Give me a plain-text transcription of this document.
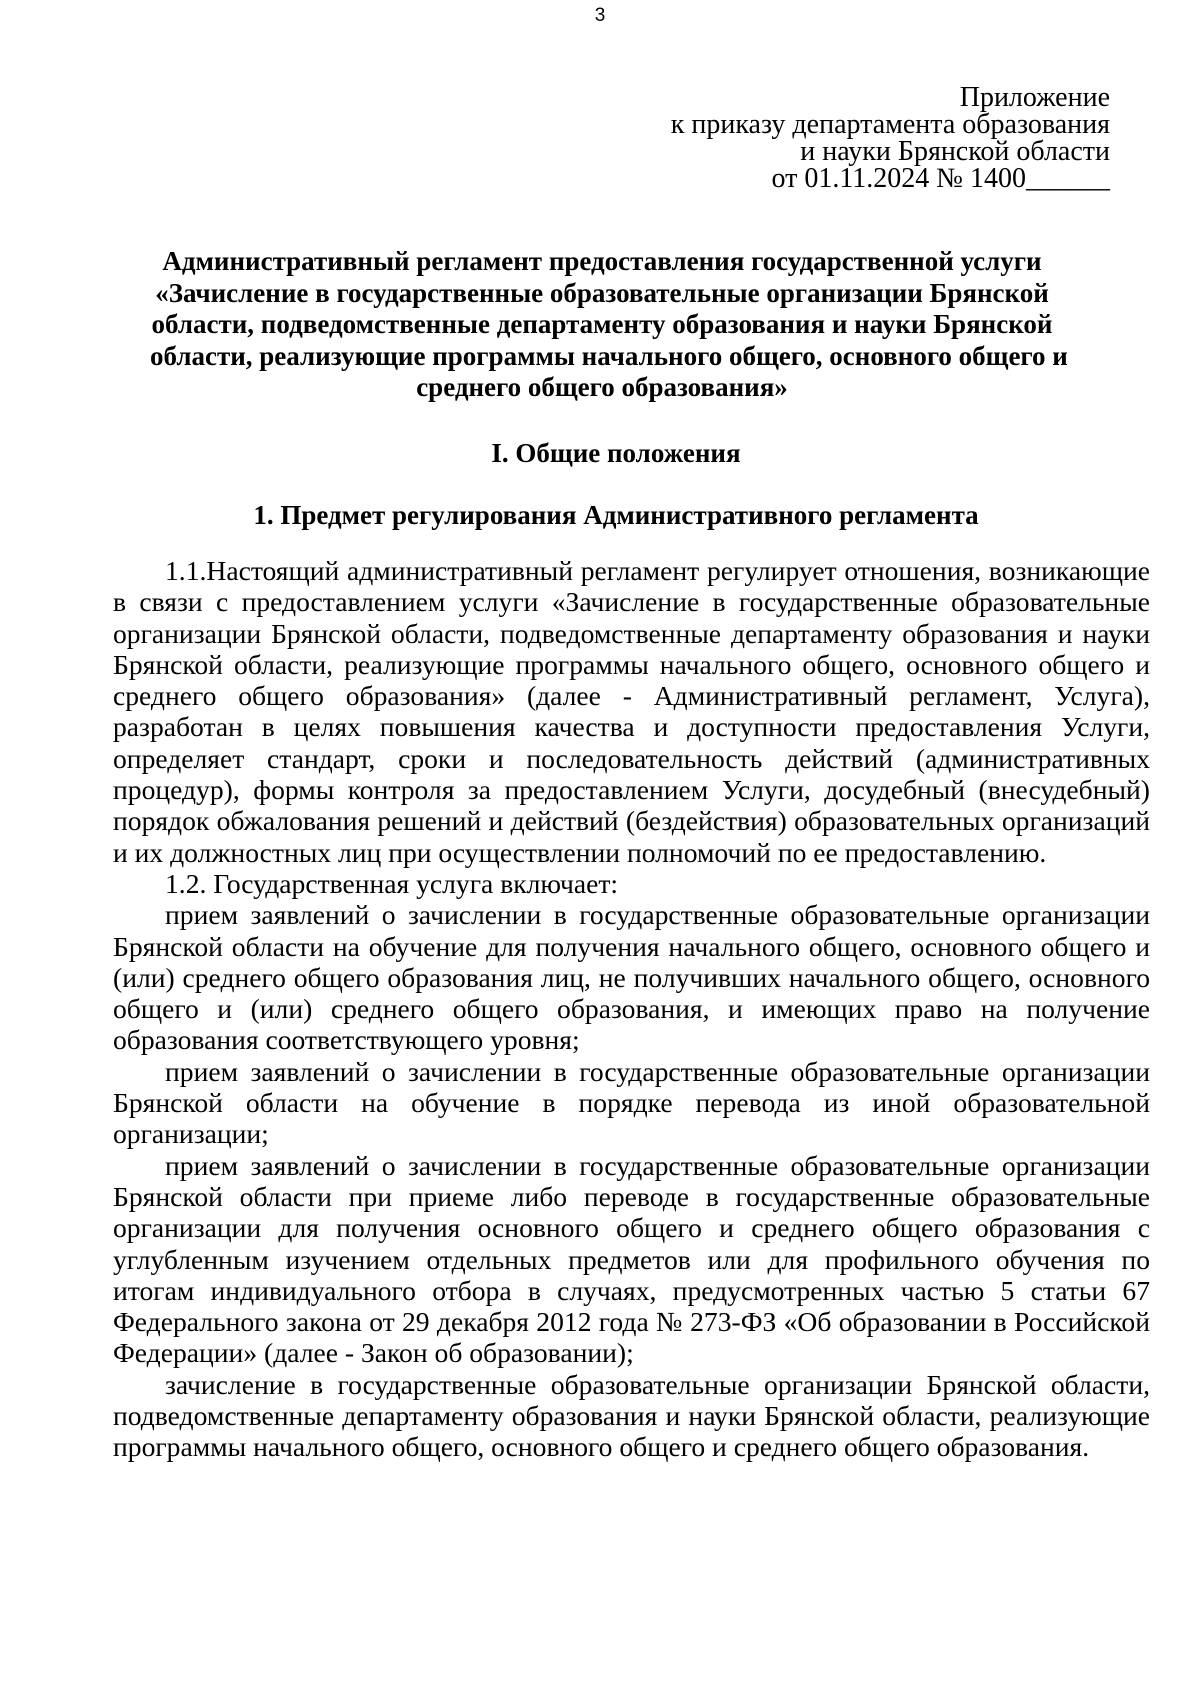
3
Приложение
к приказу департамента образования
и науки Брянской области
от 01.11.2024 № 1400______
Административный регламент предоставления государственной услуги
«Зачисление в государственные образовательные организации Брянской
области, подведомственные департаменту образования и науки Брянской
области, реализующие программы начального общего, основного общего и
среднего общего образования»
I. Общие положения
1. Предмет регулирования Административного регламента

1.1.Настоящий административный регламент регулирует отношения, возникающие в связи с предоставлением услуги «Зачисление в государственные образовательные организации Брянской области, подведомственные департаменту образования и науки Брянской области, реализующие программы начального общего, основного общего и среднего общего образования» (далее - Административный регламент, Услуга), разработан в целях повышения качества и доступности предоставления Услуги, определяет стандарт, сроки и последовательность действий (административных процедур), формы контроля за предоставлением Услуги, досудебный (внесудебный) порядок обжалования решений и действий (бездействия) образовательных организаций и их должностных лиц при осуществлении полномочий по ее предоставлению.

1.2. Государственная услуга включает:

прием заявлений о зачислении в государственные образовательные организации Брянской области на обучение для получения начального общего, основного общего и (или) среднего общего образования лиц, не получивших начального общего, основного общего и (или) среднего общего образования, и имеющих право на получение образования соответствующего уровня;

прием заявлений о зачислении в государственные образовательные организации Брянской области на обучение в порядке перевода из иной образовательной организации;

прием заявлений о зачислении в государственные образовательные организации Брянской области при приеме либо переводе в государственные образовательные организации для получения основного общего и среднего общего образования с углубленным изучением отдельных предметов или для профильного обучения по итогам индивидуального отбора в случаях, предусмотренных частью 5 статьи 67 Федерального закона от 29 декабря 2012 года № 273-ФЗ «Об образовании в Российской Федерации» (далее - Закон об образовании);

зачисление в государственные образовательные организации Брянской области, подведомственные департаменту образования и науки Брянской области, реализующие программы начального общего, основного общего и среднего общего образования.
